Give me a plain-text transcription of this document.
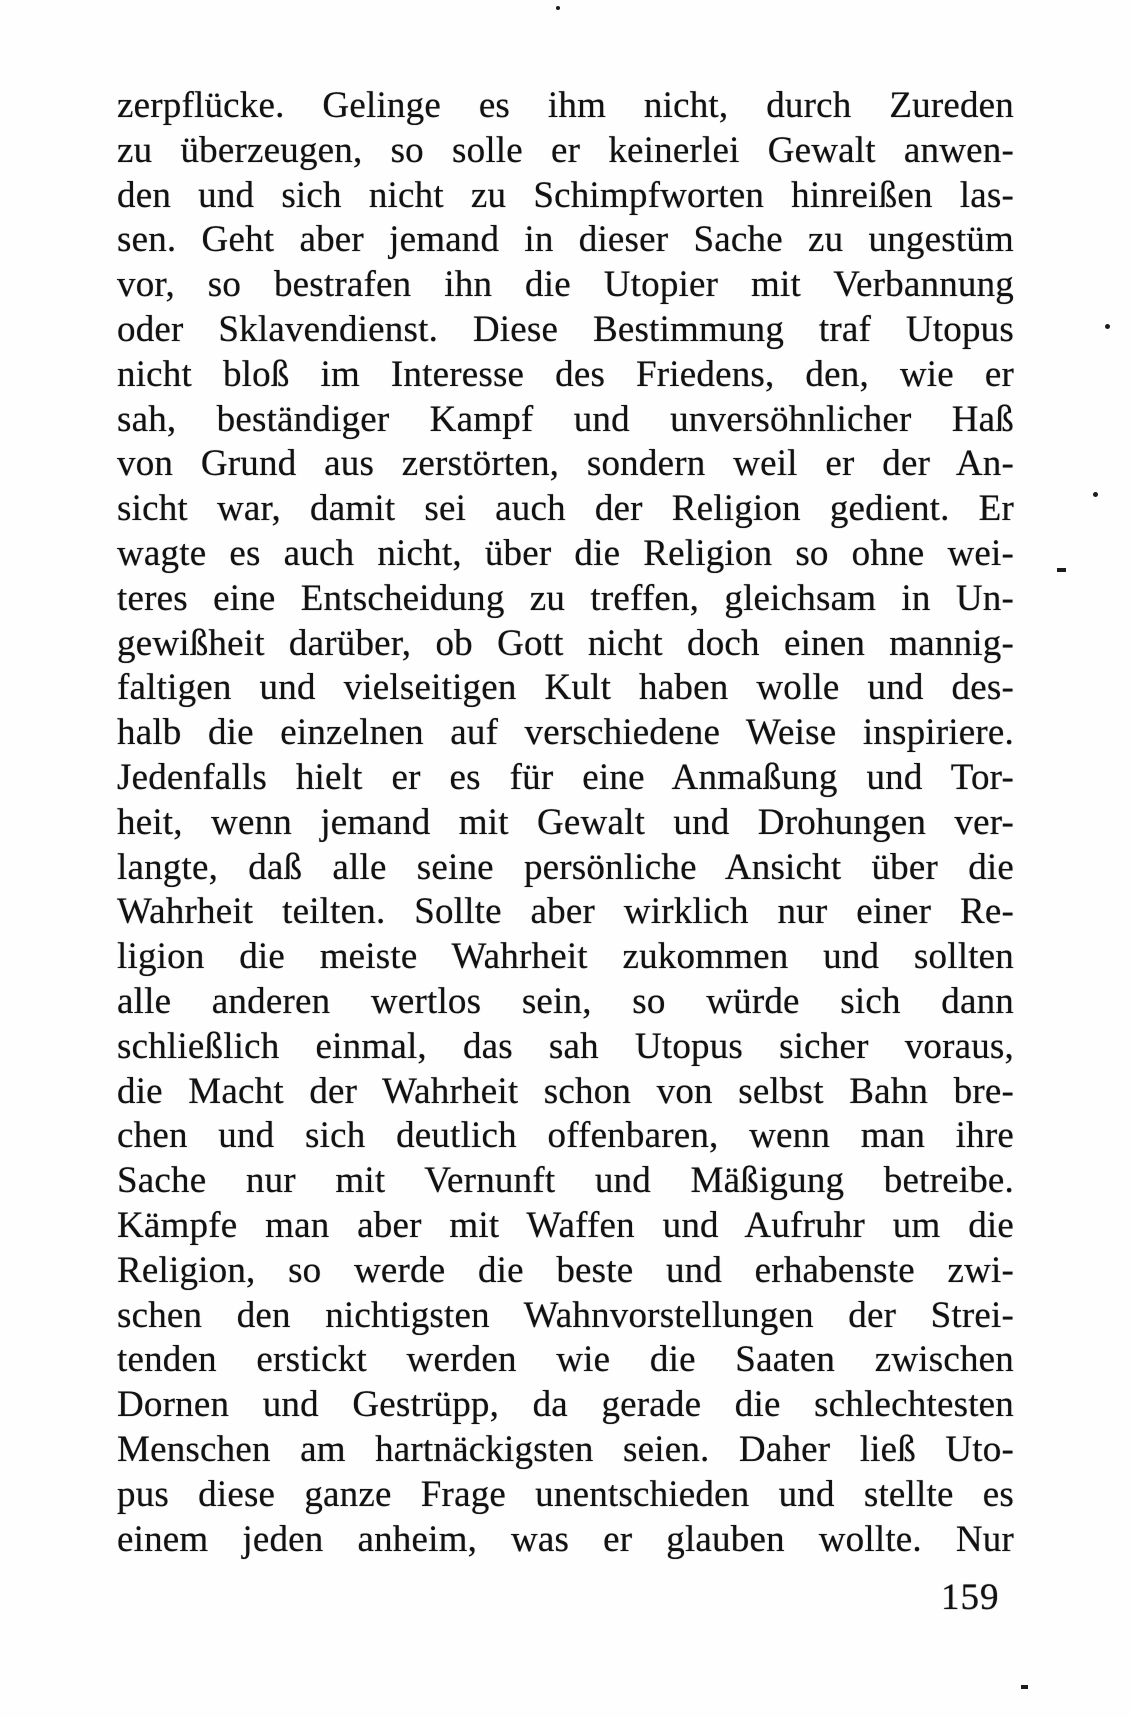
zerpflücke. Gelinge es ihm nicht, durch Zureden
zu überzeugen, so solle er keinerlei Gewalt anwen-
den und sich nicht zu Schimpfworten hinreißen las-
sen. Geht aber jemand in dieser Sache zu ungestüm
vor, so bestrafen ihn die Utopier mit Verbannung
oder Sklavendienst. Diese Bestimmung traf Utopus
nicht bloß im Interesse des Friedens, den, wie er
sah, beständiger Kampf und unversöhnlicher Haß
von Grund aus zerstörten, sondern weil er der An-
sicht war, damit sei auch der Religion gedient. Er
wagte es auch nicht, über die Religion so ohne wei-
teres eine Entscheidung zu treffen, gleichsam in Un-
gewißheit darüber, ob Gott nicht doch einen mannig-
faltigen und vielseitigen Kult haben wolle und des-
halb die einzelnen auf verschiedene Weise inspiriere.
Jedenfalls hielt er es für eine Anmaßung und Tor-
heit, wenn jemand mit Gewalt und Drohungen ver-
langte, daß alle seine persönliche Ansicht über die
Wahrheit teilten. Sollte aber wirklich nur einer Re-
ligion die meiste Wahrheit zukommen und sollten
alle anderen wertlos sein, so würde sich dann
schließlich einmal, das sah Utopus sicher voraus,
die Macht der Wahrheit schon von selbst Bahn bre-
chen und sich deutlich offenbaren, wenn man ihre
Sache nur mit Vernunft und Mäßigung betreibe.
Kämpfe man aber mit Waffen und Aufruhr um die
Religion, so werde die beste und erhabenste zwi-
schen den nichtigsten Wahnvorstellungen der Strei-
tenden erstickt werden wie die Saaten zwischen
Dornen und Gestrüpp, da gerade die schlechtesten
Menschen am hartnäckigsten seien. Daher ließ Uto-
pus diese ganze Frage unentschieden und stellte es
einem jeden anheim, was er glauben wollte. Nur
159
